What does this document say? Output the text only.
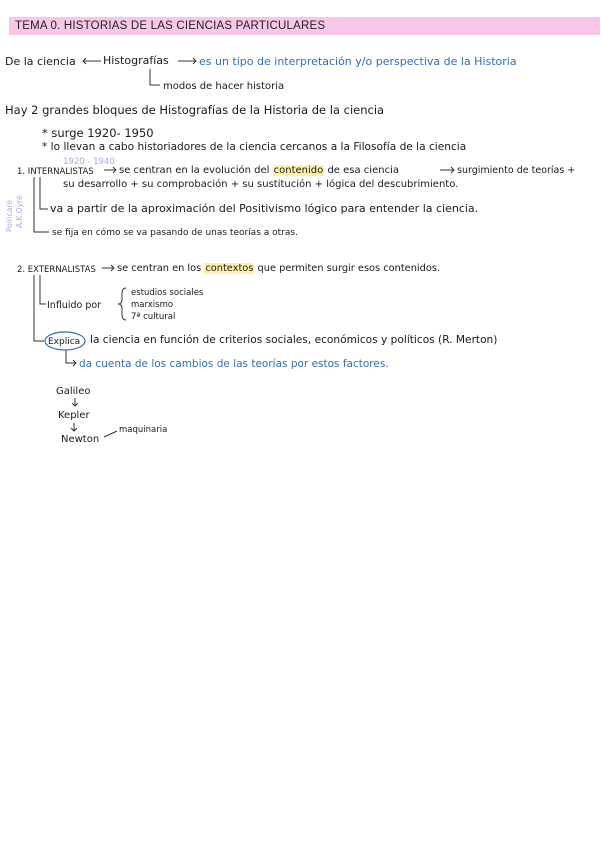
TEMA 0. HISTORIAS DE LAS CIENCIAS PARTICULARES
De la ciencia Histografías	es un tipo de interpretación y/o perspectiva de la Historia
modos de hacer historia
Hay 2 grandes bloques de Histografías de la Historia de la ciencia
* surge 1920- 1950
* lo llevan a cabo historiadores de la ciencia cercanos a la Filosofía de la ciencia
1920 - 1940
Poincaré A.K.Oyré
1. INTERNALISTAS	se centran en la evolución del contenido de esa ciencia	surgimiento de teorías +
su desarrollo + su comprobación + su sustitución + lógica del descubrimiento.
va a partir de la aproximación del Positivismo lógico para entender la ciencia.
se fija en cómo se va pasando de unas teorías a otras.
2. EXTERNALISTAS se centran en los contextos que permiten surgir esos contenidos.
Influido por
estudios sociales
marxismo
7ª cultural
Explica la ciencia en función de criterios sociales, económicos y políticos (R. Merton)
da cuenta de los cambios de las teorías por estos factores.
Galileo
Kepler
Newton
maquinaria
